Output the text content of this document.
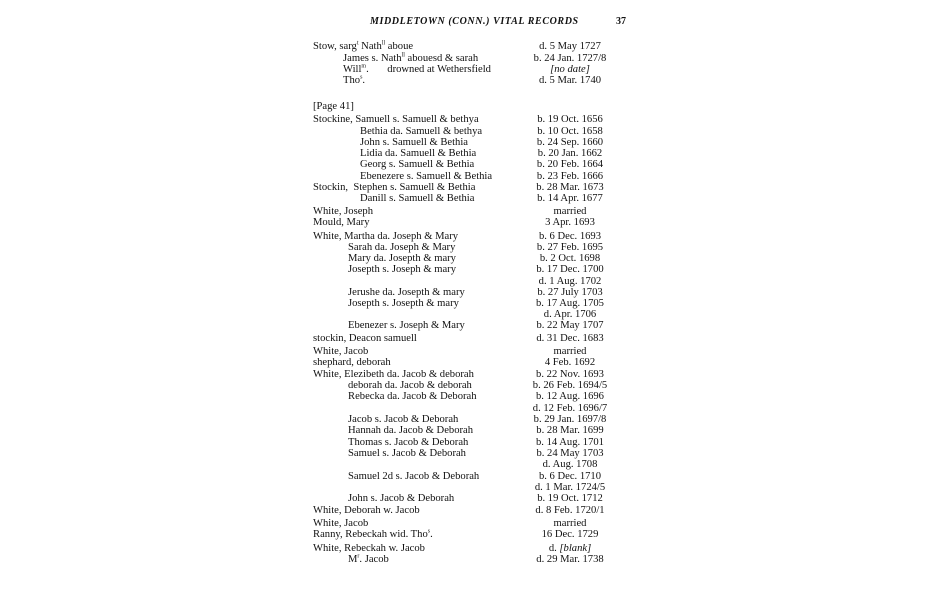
MIDDLETOWN (CONN.) VITAL RECORDS	37
Stow, sarg$^t$ Nath$^{ll}$ aboue	d. 5 May 1727
James s. Nath$^{ll}$ abouesd & sarah	b. 24 Jan. 1727/8
Will$^m$.       drowned at Wethersfield	[no date]
Tho$^s$.	d. 5 Mar. 1740
[Page 41]
Stockine, Samuell s. Samuell & bethya	b. 19 Oct. 1656
Bethia da. Samuell & bethya	b. 10 Oct. 1658
John s. Samuell & Bethia	b. 24 Sep. 1660
Lidia da. Samuell & Bethia	b. 20 Jan. 1662
Georg s. Samuell & Bethia	b. 20 Feb. 1664
Ebenezere s. Samuell & Bethia	b. 23 Feb. 1666
Stockin,  Stephen s. Samuell & Bethia	b. 28 Mar. 1673
Danill s. Samuell & Bethia	b. 14 Apr. 1677
White, Joseph	married
Mould, Mary	3 Apr. 1693
White, Martha da. Joseph & Mary	b. 6 Dec. 1693
Sarah da. Joseph & Mary	b. 27 Feb. 1695
Mary da. Josepth & mary	b. 2 Oct. 1698
Josepth s. Joseph & mary	b. 17 Dec. 1700
d. 1 Aug. 1702
Jerushe da. Josepth & mary	b. 27 July 1703
Josepth s. Josepth & mary	b. 17 Aug. 1705
d. Apr. 1706
Ebenezer s. Joseph & Mary	b. 22 May 1707
stockin, Deacon samuell	d. 31 Dec. 1683
White, Jacob	married
shephard, deborah	4 Feb. 1692
White, Elezibeth da. Jacob & deborah	b. 22 Nov. 1693
deborah da. Jacob & deborah	b. 26 Feb. 1694/5
Rebecka da. Jacob & Deborah	b. 12 Aug. 1696
d. 12 Feb. 1696/7
Jacob s. Jacob & Deborah	b. 29 Jan. 1697/8
Hannah da. Jacob & Deborah	b. 28 Mar. 1699
Thomas s. Jacob & Deborah	b. 14 Aug. 1701
Samuel s. Jacob & Deborah	b. 24 May 1703
d. Aug. 1708
Samuel 2d s. Jacob & Deborah	b. 6 Dec. 1710
d. 1 Mar. 1724/5
John s. Jacob & Deborah	b. 19 Oct. 1712
White, Deborah w. Jacob	d. 8 Feb. 1720/1
White, Jacob	married
Ranny, Rebeckah wid. Tho$^s$.	16 Dec. 1729
White, Rebeckah w. Jacob	d. [blank]
$M^r$. Jacob	d. 29 Mar. 1738
